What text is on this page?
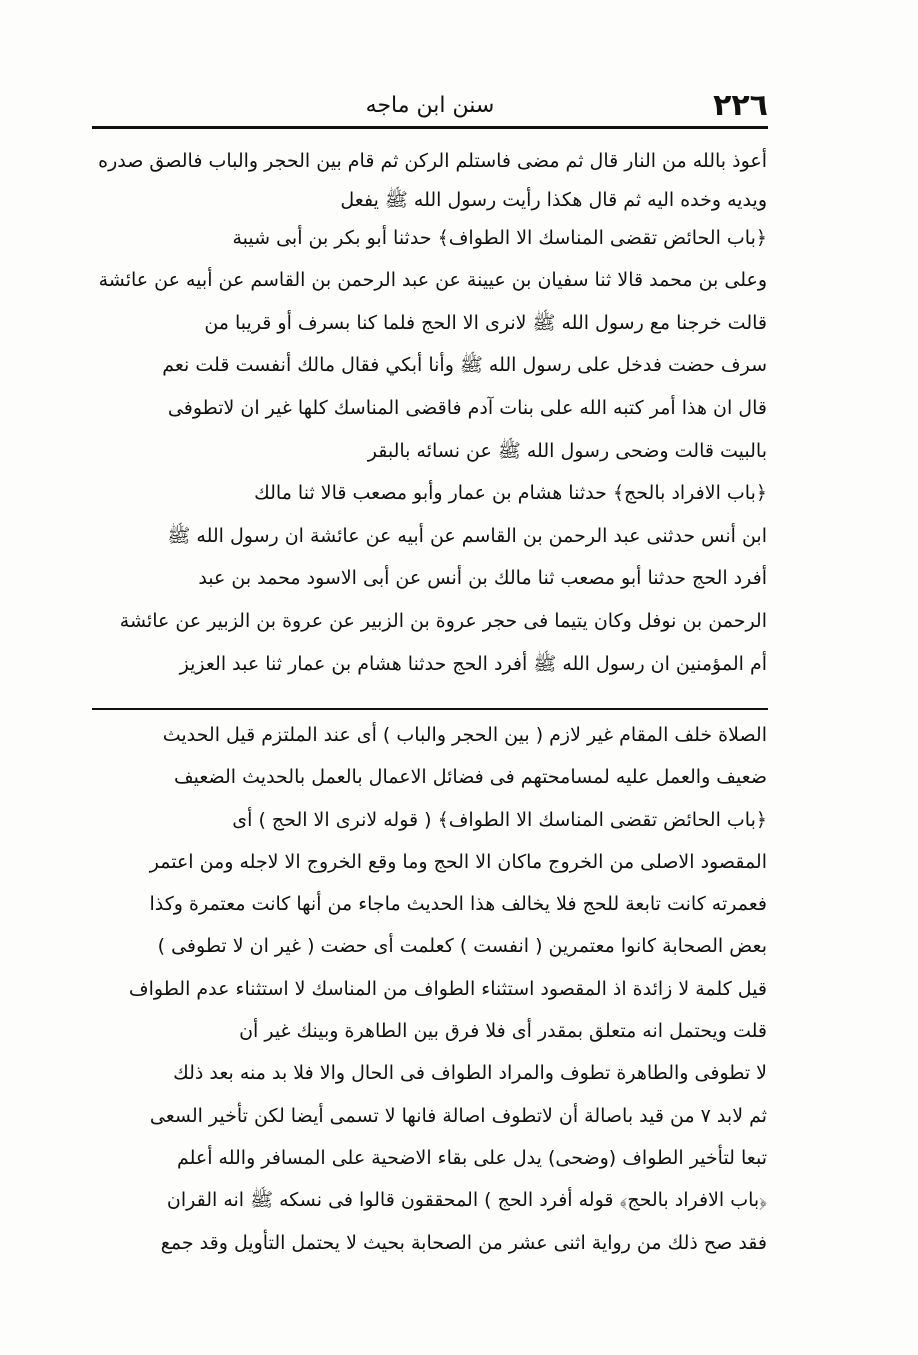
٢٢٦
سنن ابن ماجه
أعوذ بالله من النار قال ثم مضى فاستلم الركن ثم قام بين الحجر والباب فالصق صدره
ويديه وخده اليه ثم قال هكذا رأيت رسول الله ﷺ يفعل
﴿باب الحائض تقضى المناسك الا الطواف﴾ حدثنا أبو بكر بن أبى شيبة
وعلى بن محمد قالا ثنا سفيان بن عيينة عن عبد الرحمن بن القاسم عن أبيه عن عائشة
قالت خرجنا مع رسول الله ﷺ لانرى الا الحج فلما كنا بسرف أو قريبا من
سرف حضت فدخل على رسول الله ﷺ وأنا أبكي فقال مالك أنفست قلت نعم
قال ان هذا أمر كتبه الله على بنات آدم فاقضى المناسك كلها غير ان لاتطوفى
بالبيت قالت وضحى رسول الله ﷺ عن نسائه بالبقر
﴿باب الافراد بالحج﴾ حدثنا هشام بن عمار وأبو مصعب قالا ثنا مالك
ابن أنس حدثنى عبد الرحمن بن القاسم عن أبيه عن عائشة ان رسول الله ﷺ
أفرد الحج حدثنا أبو مصعب ثنا مالك بن أنس عن أبى الاسود محمد بن عبد
الرحمن بن نوفل وكان يتيما فى حجر عروة بن الزبير عن عروة بن الزبير عن عائشة
أم المؤمنين ان رسول الله ﷺ أفرد الحج حدثنا هشام بن عمار ثنا عبد العزيز
الصلاة خلف المقام غير لازم ( بين الحجر والباب ) أى عند الملتزم قيل الحديث
ضعيف والعمل عليه لمسامحتهم فى فضائل الاعمال بالعمل بالحديث الضعيف
﴿باب الحائض تقضى المناسك الا الطواف﴾ ( قوله لانرى الا الحج ) أى
المقصود الاصلى من الخروج ماكان الا الحج وما وقع الخروج الا لاجله ومن اعتمر
فعمرته كانت تابعة للحج فلا يخالف هذا الحديث ماجاء من أنها كانت معتمرة وكذا
بعض الصحابة كانوا معتمرين ( انفست ) كعلمت أى حضت ( غير ان لا تطوفى )
قيل كلمة لا زائدة اذ المقصود استثناء الطواف من المناسك لا استثناء عدم الطواف
قلت ويحتمل انه متعلق بمقدر أى فلا فرق بين الطاهرة وبينك غير أن
لا تطوفى والطاهرة تطوف والمراد الطواف فى الحال والا فلا بد منه بعد ذلك
ثم لابد ٧ من قيد باصالة أن لاتطوف اصالة فانها لا تسمى أيضا لكن تأخير السعى
تبعا لتأخير الطواف (وضحى) يدل على بقاء الاضحية على المسافر والله أعلم
﴿باب الافراد بالحج﴾ قوله أفرد الحج ) المحققون قالوا فى نسكه ﷺ انه القران
فقد صح ذلك من رواية اثنى عشر من الصحابة بحيث لا يحتمل التأويل وقد جمع
